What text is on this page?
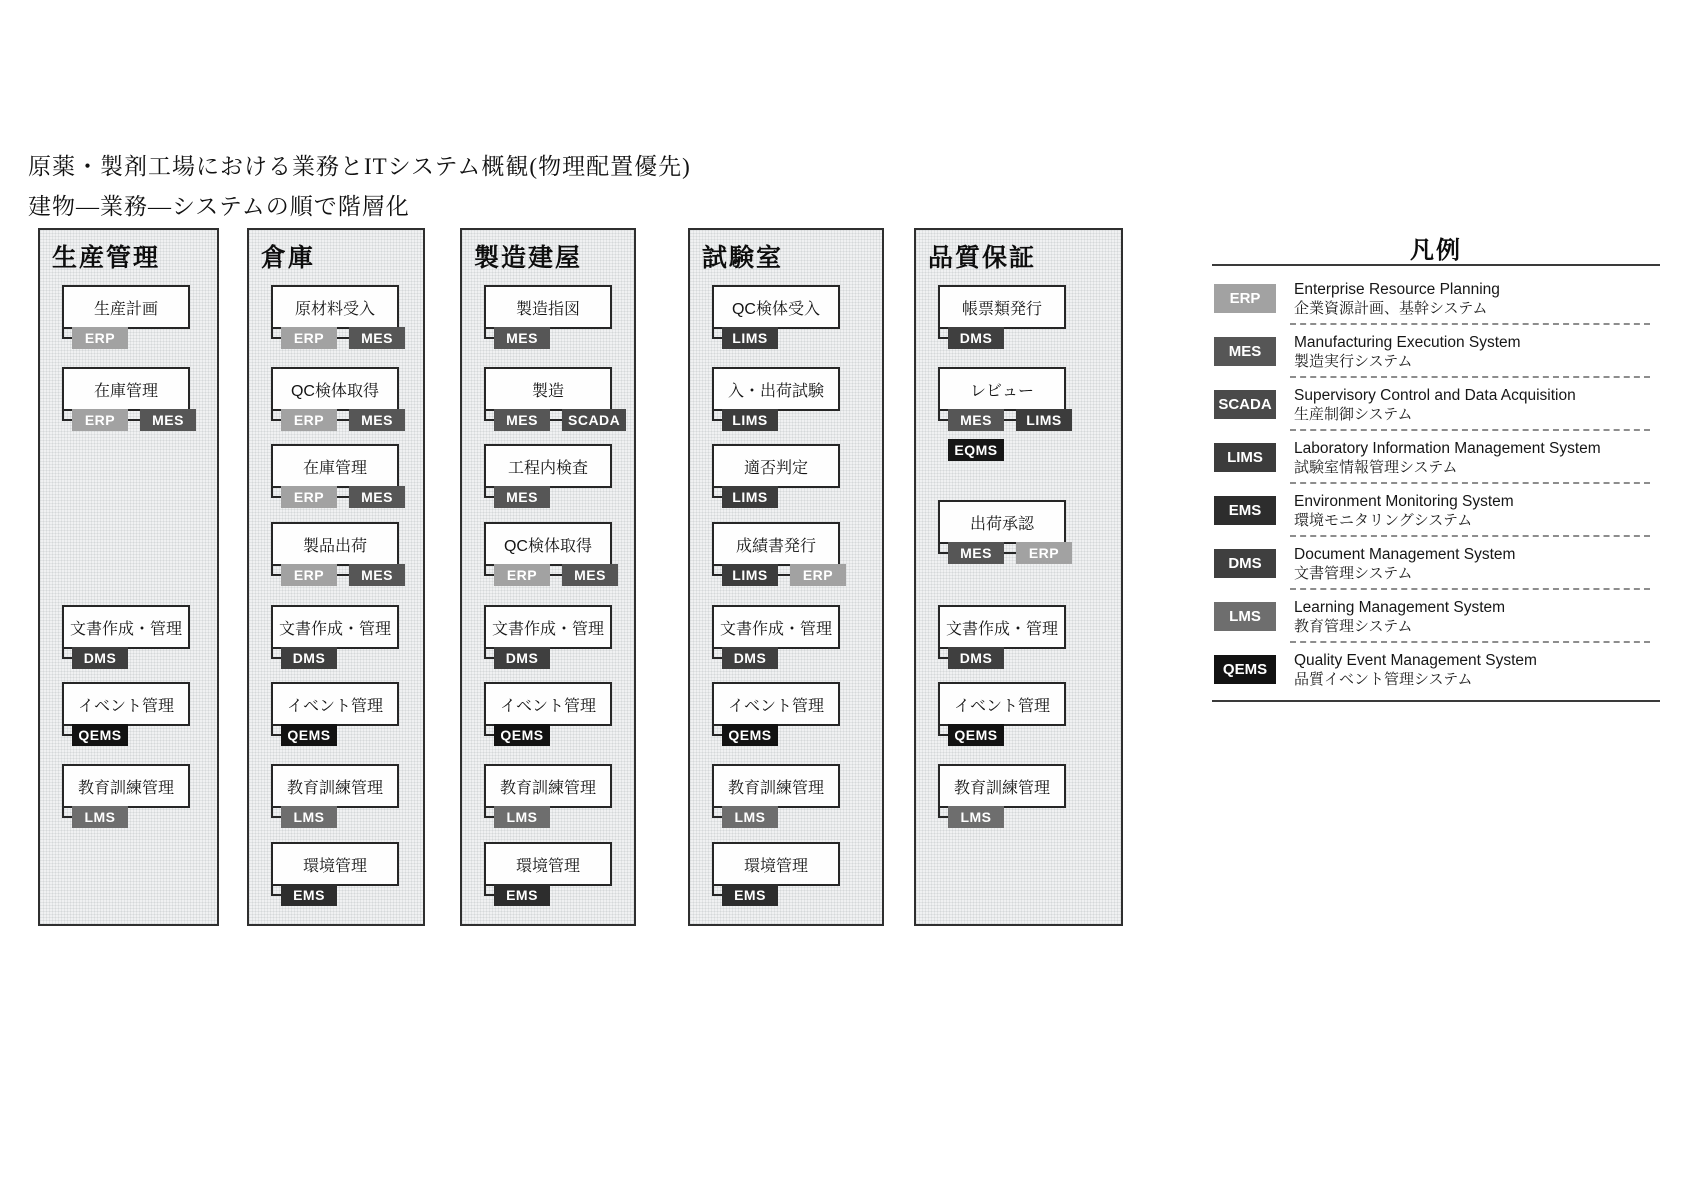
原薬・製剤工場における業務とITシステム概観(物理配置優先)
建物―業務―システムの順で階層化
生産管理
生産計画
ERP
在庫管理
ERP	MES
文書作成・管理
DMS
イベント管理
QEMS
教育訓練管理
LMS
倉庫
原材料受入
ERP	MES
QC検体取得
ERP	MES
在庫管理
ERP	MES
製品出荷
ERP	MES
文書作成・管理
DMS
イベント管理
QEMS
教育訓練管理
LMS
環境管理
EMS
製造建屋
製造指図
MES
製造
MES	SCADA
工程内検査
MES
QC検体取得
ERP	MES
文書作成・管理
DMS
イベント管理
QEMS
教育訓練管理
LMS
環境管理
EMS
試験室
QC検体受入
LIMS
入・出荷試験
LIMS
適否判定
LIMS
成績書発行
LIMS	ERP
文書作成・管理
DMS
イベント管理
QEMS
教育訓練管理
LMS
環境管理
EMS
品質保証
帳票類発行
DMS
レビュー
MES	LIMS
EQMS
出荷承認
MES	ERP
文書作成・管理
DMS
イベント管理
QEMS
教育訓練管理
LMS
凡例
ERP
Enterprise Resource Planning
企業資源計画、基幹システム
MES
Manufacturing Execution System
製造実行システム
SCADA
Supervisory Control and Data Acquisition
生産制御システム
LIMS
Laboratory Information Management System
試験室情報管理システム
EMS
Environment Monitoring System
環境モニタリングシステム
DMS
Document Management System
文書管理システム
LMS
Learning Management System
教育管理システム
QEMS
Quality Event Management System
品質イベント管理システム
